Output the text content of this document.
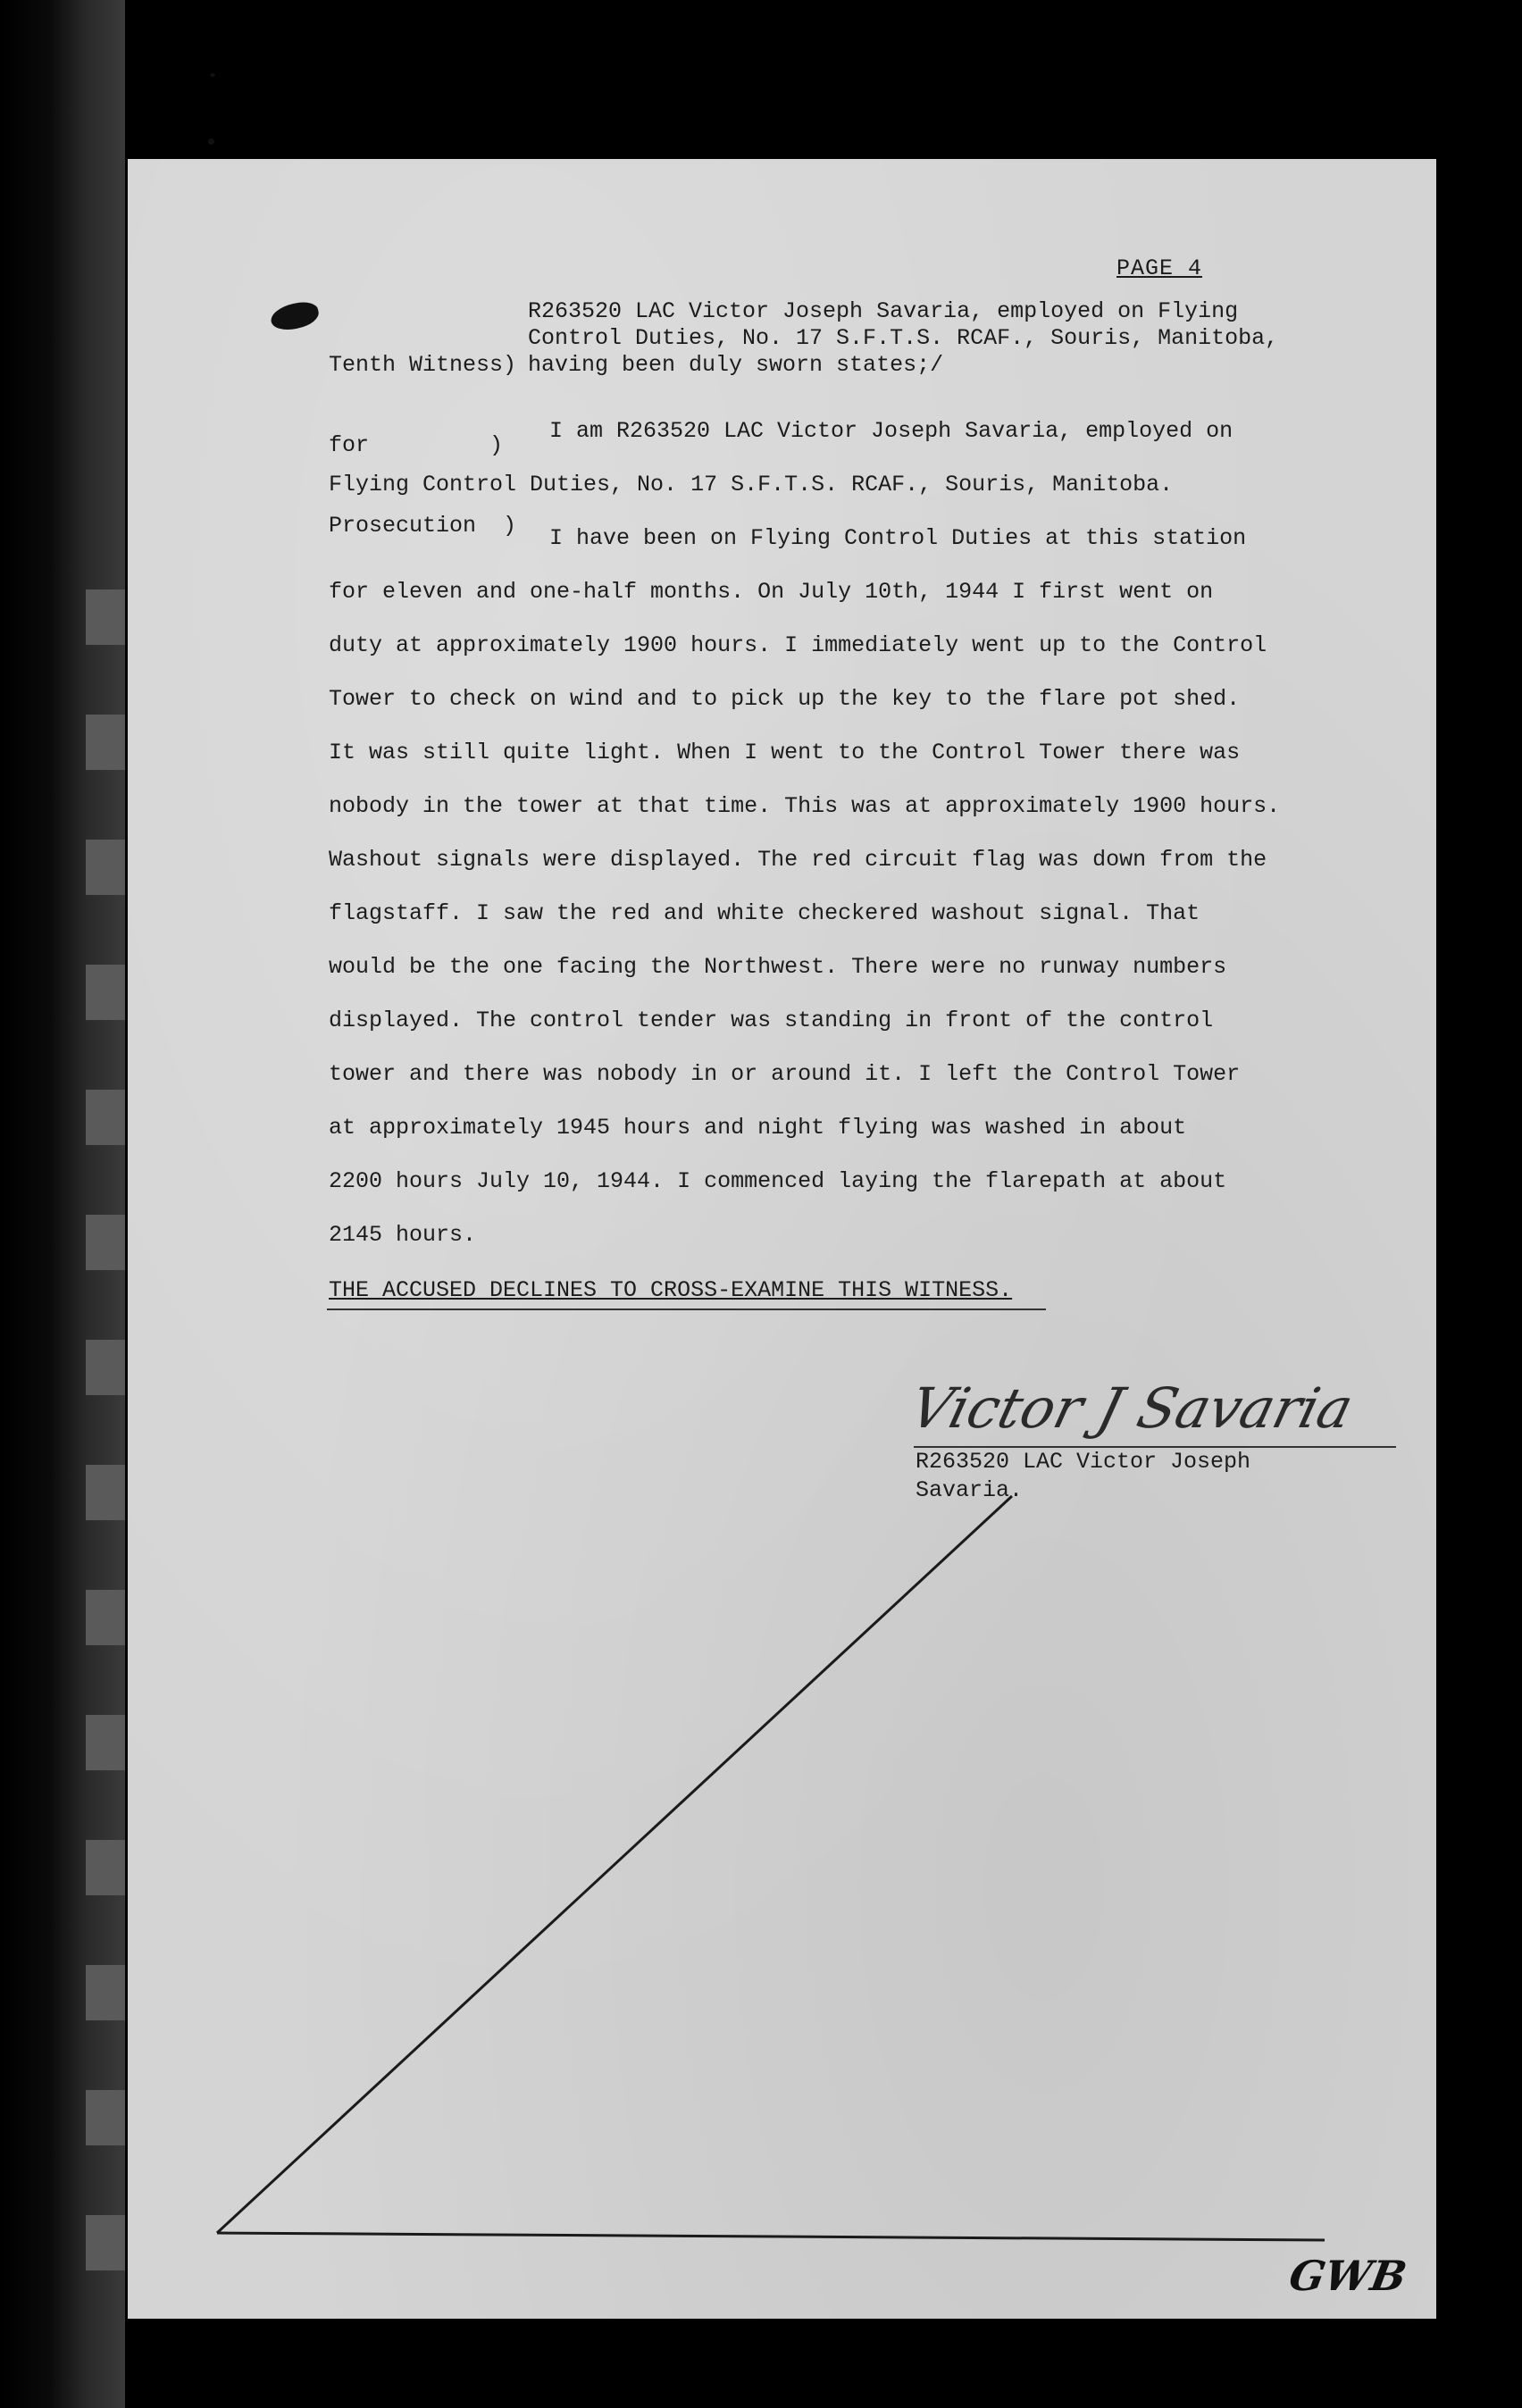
PAGE 4

Tenth Witness)

for         )

Prosecution  )

R263520 LAC Victor Joseph Savaria, employed on Flying
Control Duties, No. 17 S.F.T.S. RCAF., Souris, Manitoba,
having been duly sworn states;/
I am R263520 LAC Victor Joseph Savaria, employed on
Flying Control Duties, No. 17 S.F.T.S. RCAF., Souris, Manitoba.
I have been on Flying Control Duties at this station
for eleven and one-half months. On July 10th, 1944 I first went on
duty at approximately 1900 hours. I immediately went up to the Control
Tower to check on wind and to pick up the key to the flare pot shed.
It was still quite light. When I went to the Control Tower there was
nobody in the tower at that time. This was at approximately 1900 hours.
Washout signals were displayed. The red circuit flag was down from the
flagstaff. I saw the red and white checkered washout signal. That
would be the one facing the Northwest. There were no runway numbers
displayed. The control tender was standing in front of the control
tower and there was nobody in or around it. I left the Control Tower
at approximately 1945 hours and night flying was washed in about
2200 hours July 10, 1944. I commenced laying the flarepath at about
2145 hours.
THE ACCUSED DECLINES TO CROSS-EXAMINE THIS WITNESS.
Victor J Savaria
R263520 LAC Victor Joseph
Savaria.
GWB
